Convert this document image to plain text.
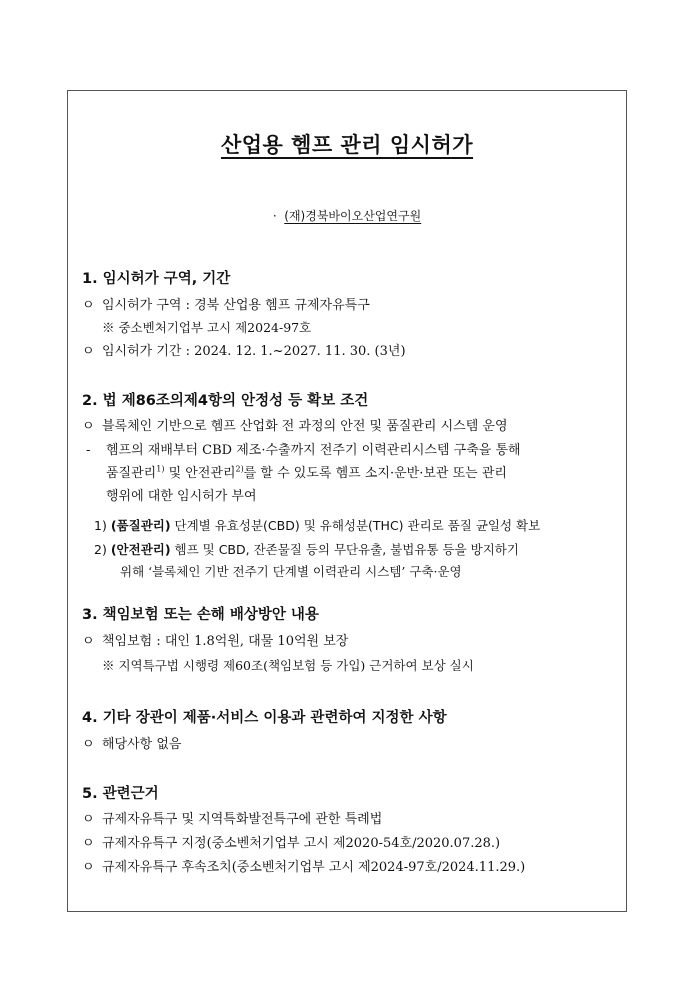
산업용 헴프 관리 임시허가
· (재)경북바이오산업연구원
1. 임시허가 구역, 기간
ㅇ 임시허가 구역 : 경북 산업용 헴프 규제자유특구
※ 중소벤처기업부 고시 제2024-97호
ㅇ 임시허가 기간 : 2024. 12. 1.~2027. 11. 30. (3년)
2. 법 제86조의제4항의 안정성 등 확보 조건
ㅇ 블록체인 기반으로 헴프 산업화 전 과정의 안전 및 품질관리 시스템 운영
- 헴프의 재배부터 CBD 제조·수출까지 전주기 이력관리시스템 구축을 통해
품질관리$^{1)}$ 및 안전관리$^{2)}$를 할 수 있도록 헴프 소지·운반·보관 또는 관리
행위에 대한 임시허가 부여
1) (품질관리) 단계별 유효성분(CBD) 및 유해성분(THC) 관리로 품질 균일성 확보
2) (안전관리) 헴프 및 CBD, 잔존물질 등의 무단유출, 불법유통 등을 방지하기
위해 ‘블록체인 기반 전주기 단계별 이력관리 시스템’ 구축·운영
3. 책임보험 또는 손해 배상방안 내용
ㅇ 책임보험 : 대인 1.8억원, 대물 10억원 보장
※ 지역특구법 시행령 제60조(책임보험 등 가입) 근거하여 보상 실시
4. 기타 장관이 제품·서비스 이용과 관련하여 지정한 사항
ㅇ 해당사항 없음
5. 관련근거
ㅇ 규제자유특구 및 지역특화발전특구에 관한 특례법
ㅇ 규제자유특구 지정(중소벤처기업부 고시 제2020-54호/2020.07.28.)
ㅇ 규제자유특구 후속조치(중소벤처기업부 고시 제2024-97호/2024.11.29.)
